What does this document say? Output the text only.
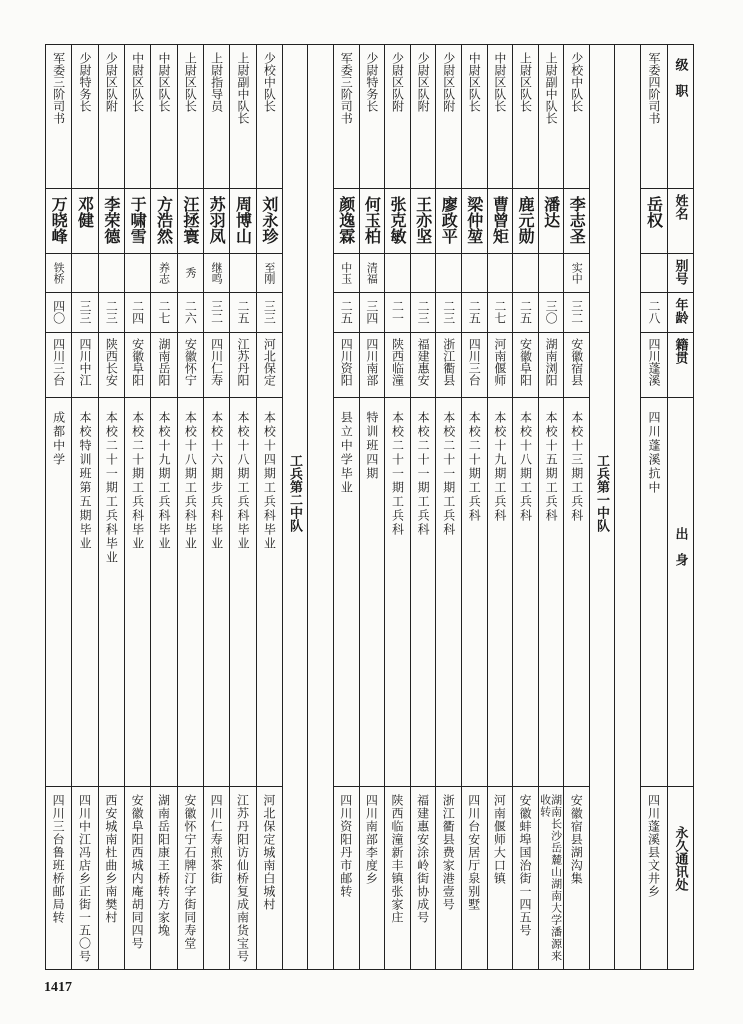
级　职
姓名
别号
年龄
籍贯
出　身
永久通讯处
军委四阶司书
岳权
二八
四川蓬溪
四川蓬溪抗中
四川蓬溪县文井乡
工兵第一中队
工兵第二中队
少校中队长
李志圣
实中
三二
安徽宿县
本校十三期工兵科
安徽宿县湖沟集
上尉副中队长
潘达
三〇
湖南浏阳
本校十五期工兵科
湖南长沙岳麓山湖南大学潘源来收转
上尉区队长
鹿元勋
二五
安徽阜阳
本校十八期工兵科
安徽蚌埠国治街一四五号
中尉区队长
曹曾矩
二七
河南偃师
本校十九期工兵科
河南偃师大口镇
中尉区队长
梁仲堃
二五
四川三台
本校二十期工兵科
四川台安居厅泉别墅
少尉区队附
廖政平
二三
浙江衢县
本校二十一期工兵科
浙江衢县费家港壹号
少尉区队附
王亦坚
二三
福建惠安
本校二十一期工兵科
福建惠安涂岭街协成号
少尉区队附
张克敏
二一
陕西临潼
本校二十一期工兵科
陕西临潼新丰镇张家庄
少尉特务长
何玉柏
清福
三四
四川南部
特训班四期
四川南部李度乡
军委三阶司书
颜逸霖
中玉
二五
四川资阳
县立中学毕业
四川资阳丹市邮转
少校中队长
刘永珍
至刚
三三
河北保定
本校十四期工兵科毕业
河北保定城南白城村
上尉副中队长
周博山
二五
江苏丹阳
本校十八期工兵科毕业
江苏丹阳访仙桥复成南货宝号
上尉指导员
苏羽凤
继鸣
三二
四川仁寿
本校十六期步兵科毕业
四川仁寿煎茶街
上尉区队长
汪拯寰
秀
二六
安徽怀宁
本校十八期工兵科毕业
安徽怀宁石牌汀字街同寿堂
中尉区队长
方浩然
养志
二七
湖南岳阳
本校十九期工兵科毕业
湖南岳阳康王桥转方家堍
中尉区队长
于啸雪
二四
安徽阜阳
本校二十期工兵科毕业
安徽阜阳西城内庵胡同四号
少尉区队附
李荣德
二三
陕西长安
本校二十一期工兵科毕业
西安城南杜曲乡南樊村
少尉特务长
邓健
三三
四川中江
本校特训班第五期毕业
四川中江冯店乡正街一五〇号
军委三阶司书
万晓峰
铁桥
四〇
四川三台
成都中学
四川三台鲁班桥邮局转
1417
